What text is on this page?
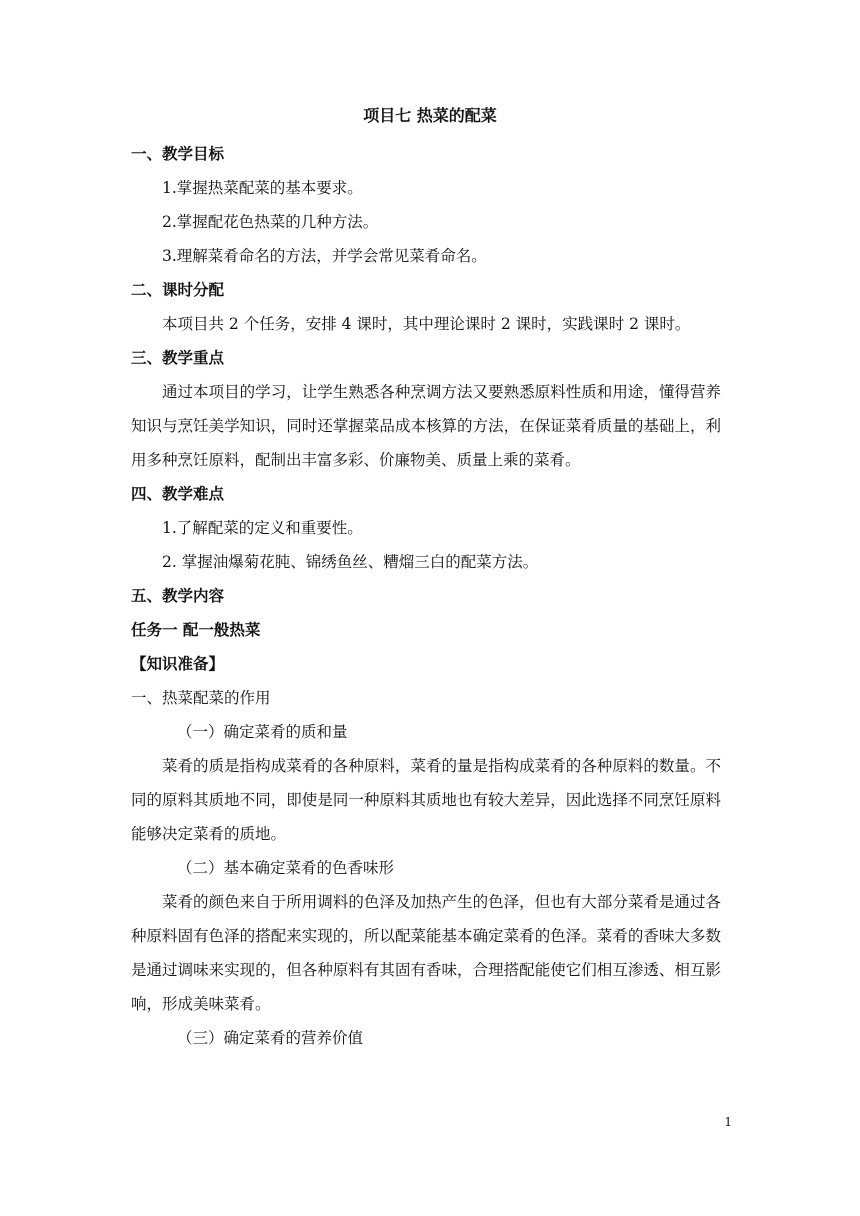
项目七 热菜的配菜
一、教学目标
1.掌握热菜配菜的基本要求。
2.掌握配花色热菜的几种方法。
3.理解菜肴命名的方法，并学会常见菜肴命名。
二、课时分配
本项目共 2 个任务，安排 4 课时，其中理论课时 2 课时，实践课时 2 课时。
三、教学重点
通过本项目的学习，让学生熟悉各种烹调方法又要熟悉原料性质和用途，懂得营养知识与烹饪美学知识，同时还掌握菜品成本核算的方法，在保证菜肴质量的基础上，利用多种烹饪原料，配制出丰富多彩、价廉物美、质量上乘的菜肴。
四、教学难点
1.了解配菜的定义和重要性。
2. 掌握油爆菊花肫、锦绣鱼丝、糟熘三白的配菜方法。
五、教学内容
任务一 配一般热菜
【知识准备】
一、热菜配菜的作用
（一）确定菜肴的质和量
菜肴的质是指构成菜肴的各种原料，菜肴的量是指构成菜肴的各种原料的数量。不同的原料其质地不同，即使是同一种原料其质地也有较大差异，因此选择不同烹饪原料能够决定菜肴的质地。
（二）基本确定菜肴的色香味形
菜肴的颜色来自于所用调料的色泽及加热产生的色泽，但也有大部分菜肴是通过各种原料固有色泽的搭配来实现的，所以配菜能基本确定菜肴的色泽。菜肴的香味大多数是通过调味来实现的，但各种原料有其固有香味，合理搭配能使它们相互渗透、相互影响，形成美味菜肴。
（三）确定菜肴的营养价值
1
